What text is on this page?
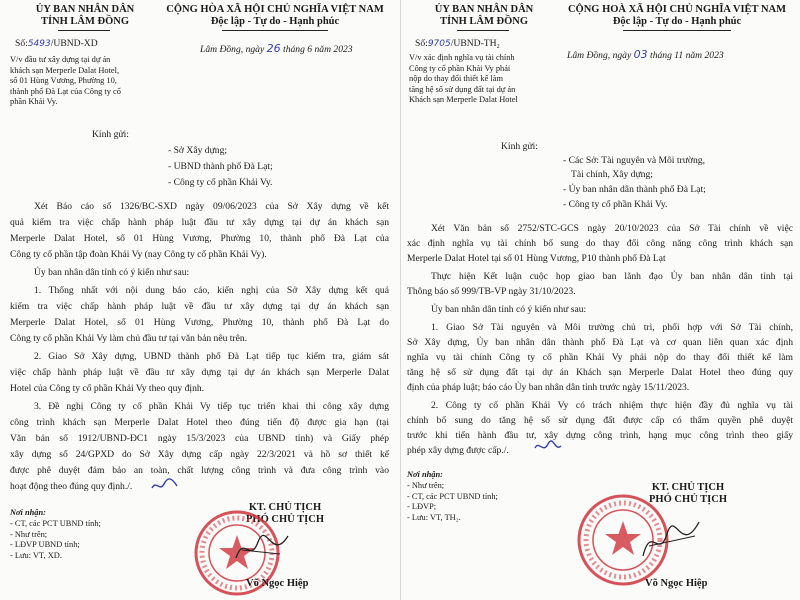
ỦY BAN NHÂN DÂN
TỈNH LÂM ĐỒNG
Số:5493/UBND-XD
V/v đầu tư xây dựng tại dự án
khách sạn Merperle Dalat Hotel,
số 01 Hùng Vương, Phường 10,
thành phố Đà Lạt của Công ty cổ
phần Khải Vy.
CỘNG HÒA XÃ HỘI CHỦ NGHĨA VIỆT NAM
Độc lập - Tự do - Hạnh phúc
Lâm Đồng, ngày 26 tháng 6 năm 2023
Kính gửi:
- Sở Xây dựng;
- UBND thành phố Đà Lạt;
- Công ty cổ phần Khải Vy.
Xét Báo cáo số 1326/BC-SXD ngày 09/06/2023 của Sở Xây dựng về kết
quả kiểm tra việc chấp hành pháp luật đầu tư xây dựng tại dự án khách sạn
Merperle Dalat Hotel, số 01 Hùng Vương, Phường 10, thành phố Đà Lạt của
Công ty cổ phần tập đoàn Khải Vy (nay Công ty cổ phần Khải Vy).
Ủy ban nhân dân tỉnh có ý kiến như sau:
1. Thống nhất với nội dung báo cáo, kiến nghị của Sở Xây dựng kết quả
kiểm tra việc chấp hành pháp luật về đầu tư xây dựng tại dự án khách sạn
Merperle Dalat Hotel, số 01 Hùng Vương, Phường 10, thành phố Đà Lạt do
Công ty cổ phần Khải Vy làm chủ đầu tư tại văn bản nêu trên.
2. Giao Sở Xây dựng, UBND thành phố Đà Lạt tiếp tục kiểm tra, giám sát
việc chấp hành pháp luật về đầu tư xây dựng tại dự án khách sạn Merperle Dalat
Hotel của Công ty cổ phần Khải Vy theo quy định.
3. Đề nghị Công ty cổ phần Khải Vy tiếp tục triển khai thi công xây dựng
công trình khách sạn Merperle Dalat Hotel theo đúng tiến độ được gia hạn (tại
Văn bản số 1912/UBND-ĐC1 ngày 15/3/2023 của UBND tỉnh) và Giấy phép
xây dựng số 24/GPXD do Sở Xây dựng cấp ngày 22/3/2021 và hồ sơ thiết kế
được phê duyệt đảm bảo an toàn, chất lượng công trình và đưa công trình vào
hoạt động theo đúng quy định./.
Nơi nhận:
- CT, các PCT UBND tỉnh;
- Như trên;
- LĐVP UBND tỉnh;
- Lưu: VT, XD.
KT. CHỦ TỊCH
PHÓ CHỦ TỊCH
Võ Ngọc Hiệp
ỦY BAN NHÂN DÂN
TỈNH LÂM ĐỒNG
Số:9705/UBND-TH₂
V/v xác định nghĩa vụ tài chính
Công ty cổ phần Khải Vy phải
nộp do thay đổi thiết kế làm
tăng hệ số sử dụng đất tại dự án
Khách sạn Merperle Dalat Hotel
CỘNG HOÀ XÃ HỘI CHỦ NGHĨA VIỆT NAM
Độc lập - Tự do - Hạnh phúc
Lâm Đồng, ngày 03 tháng 11 năm 2023
Kính gửi:
- Các Sở: Tài nguyên và Môi trường,
Tài chính, Xây dựng;
- Ủy ban nhân dân thành phố Đà Lạt;
- Công ty cổ phần Khải Vy.
Xét Văn bản số 2752/STC-GCS ngày 20/10/2023 của Sở Tài chính về việc
xác định nghĩa vụ tài chính bổ sung do thay đổi công năng công trình khách sạn
Merperle Dalat Hotel tại số 01 Hùng Vương, P10 thành phố Đà Lạt
Thực hiện Kết luận cuộc họp giao ban lãnh đạo Ủy ban nhân dân tỉnh tại
Thông báo số 999/TB-VP ngày 31/10/2023.
Ủy ban nhân dân tỉnh có ý kiến như sau:
1. Giao Sở Tài nguyên và Môi trường chủ trì, phối hợp với Sở Tài chính,
Sở Xây dựng, Ủy ban nhân dân thành phố Đà Lạt và cơ quan liên quan xác định
nghĩa vụ tài chính Công ty cổ phần Khải Vy phải nộp do thay đổi thiết kế làm
tăng hệ số sử dụng đất tại dự án Khách sạn Merperle Dalat Hotel theo đúng quy
định của pháp luật; báo cáo Ủy ban nhân dân tỉnh trước ngày 15/11/2023.
2. Công ty cổ phần Khải Vy có trách nhiệm thực hiện đầy đủ nghĩa vụ tài
chính bổ sung do tăng hệ số sử dụng đất được cấp có thẩm quyền phê duyệt
trước khi tiến hành đầu tư, xây dựng công trình, hạng mục công trình theo giấy
phép xây dựng được cấp./.
Nơi nhận:
- Như trên;
- CT, các PCT UBND tỉnh;
- LĐVP;
- Lưu: VT, TH₂.
KT. CHỦ TỊCH
PHÓ CHỦ TỊCH
Võ Ngọc Hiệp
